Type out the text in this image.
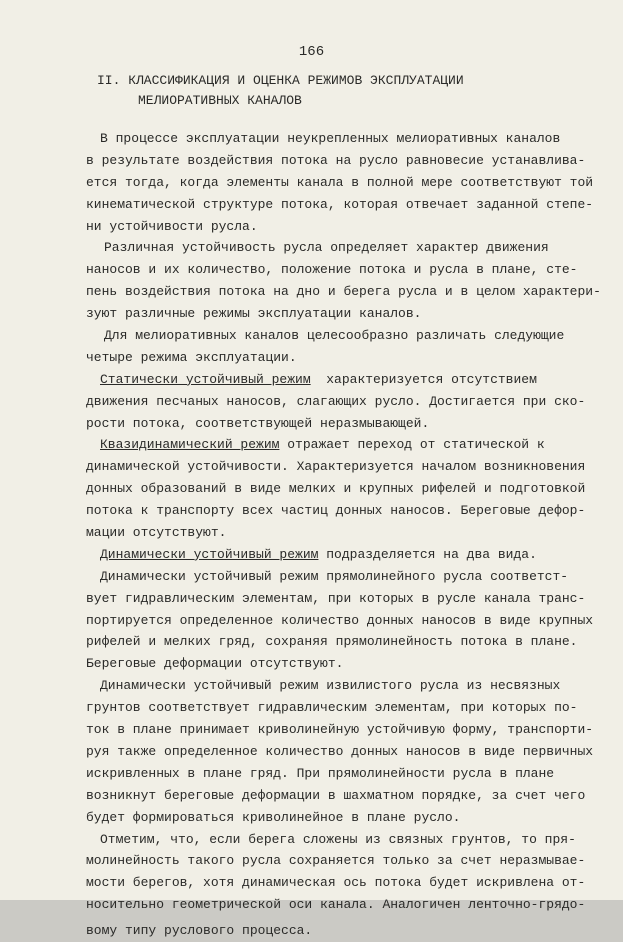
166
II. КЛАССИФИКАЦИЯ И ОЦЕНКА РЕЖИМОВ ЭКСПЛУАТАЦИИ
МЕЛИОРАТИВНЫХ КАНАЛОВ
В процессе эксплуатации неукрепленных мелиоративных каналов
в результате воздействия потока на русло равновесие устанавлива-
ется тогда, когда элементы канала в полной мере соответствуют той
кинематической структуре потока, которая отвечает заданной степе-
ни устойчивости русла.
Различная устойчивость русла определяет характер движения
наносов и их количество, положение потока и русла в плане, сте-
пень воздействия потока на дно и берега русла и в целом характери-
зуют различные режимы эксплуатации каналов.
Для мелиоративных каналов целесообразно различать следующие
четыре режима эксплуатации.
Статически устойчивый режим характеризуется отсутствием
движения песчаных наносов, слагающих русло. Достигается при ско-
рости потока, соответствующей неразмывающей.
Квазидинамический режим отражает переход от статической к
динамической устойчивости. Характеризуется началом возникновения
донных образований в виде мелких и крупных рифелей и подготовкой
потока к транспорту всех частиц донных наносов. Береговые дефор-
мации отсутствуют.
Динамически устойчивый режим подразделяется на два вида.
Динамически устойчивый режим прямолинейного русла соответст-
вует гидравлическим элементам, при которых в русле канала транс-
портируется определенное количество донных наносов в виде крупных
рифелей и мелких гряд, сохраняя прямолинейность потока в плане.
Береговые деформации отсутствуют.
Динамически устойчивый режим извилистого русла из несвязных
грунтов соответствует гидравлическим элементам, при которых по-
ток в плане принимает криволинейную устойчивую форму, транспорти-
руя также определенное количество донных наносов в виде первичных
искривленных в плане гряд. При прямолинейности русла в плане
возникнут береговые деформации в шахматном порядке, за счет чего
будет формироваться криволинейное в плане русло.
Отметим, что, если берега сложены из связных грунтов, то пря-
молинейность такого русла сохраняется только за счет неразмывае-
мости берегов, хотя динамическая ось потока будет искривлена от-
носительно геометрической оси канала. Аналогичен ленточно-грядо-
вому типу руслового процесса.
